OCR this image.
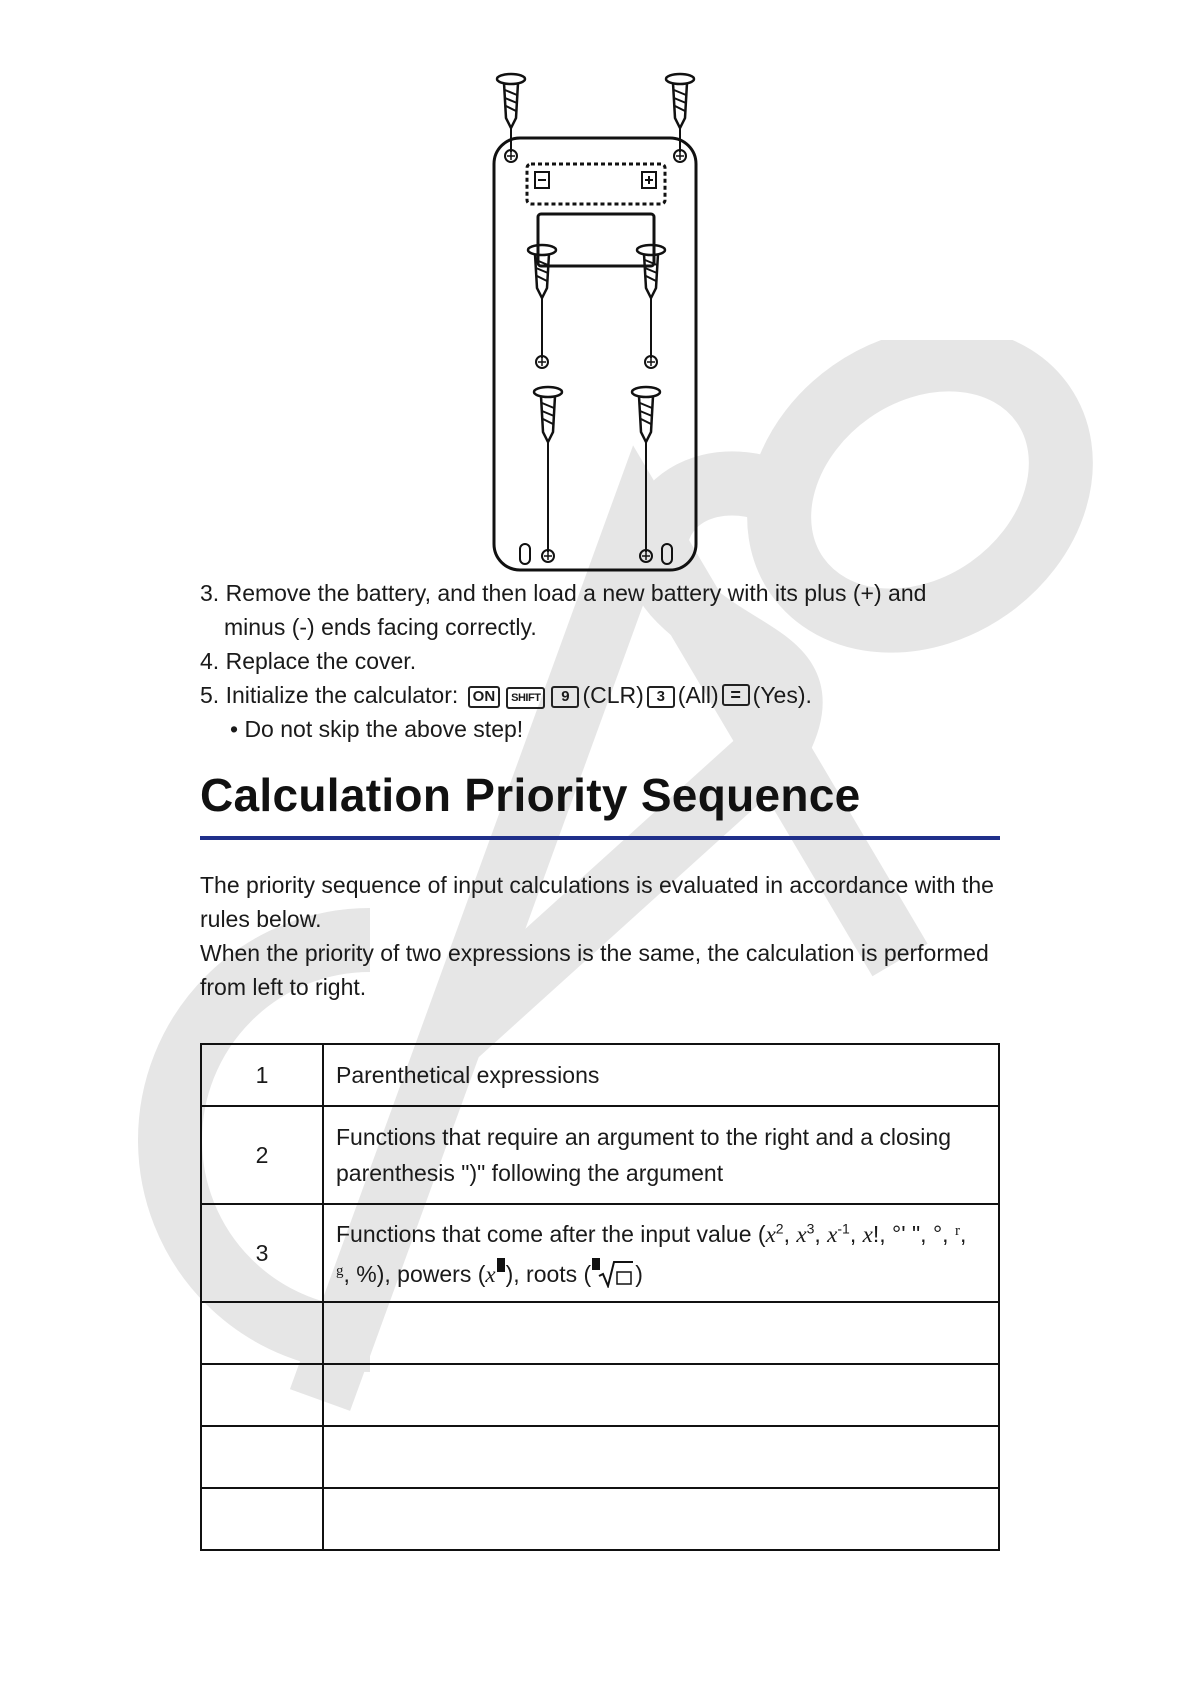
3. Remove the battery, and then load a new battery with its plus (+) and

minus (-) ends facing correctly.

4. Replace the cover.

5. Initialize the calculator: ON SHIFT 9 (CLR) 3 (All) = (Yes).

• Do not skip the above step!

Calculation Priority Sequence

The priority sequence of input calculations is evaluated in accordance with the rules below.

When the priority of two expressions is the same, the calculation is performed from left to right.

1	Parenthetical expressions
2	Functions that require an argument to the right and a closing parenthesis ")" following the argument
3	Functions that come after the input value ($x^2$, $x^3$, $x^{-1}$, x!, °' ", °, $^r$, $^g$, %), powers (x ), roots ( )
